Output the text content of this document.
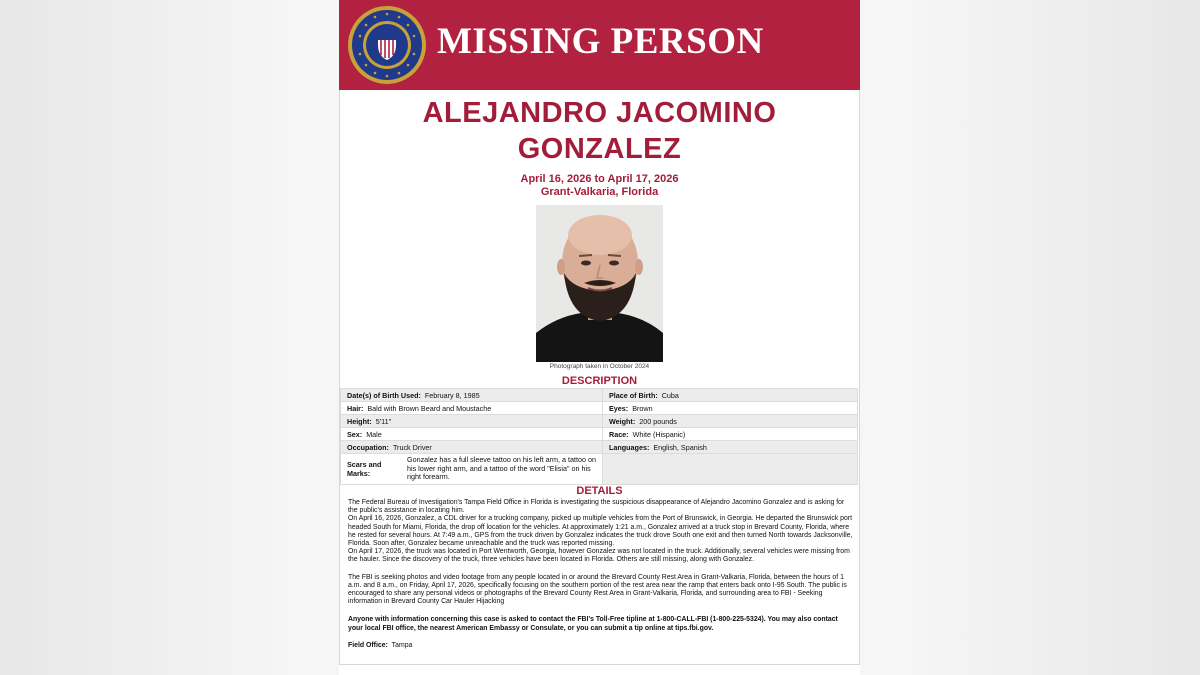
MISSING PERSON
ALEJANDRO JACOMINO
GONZALEZ
April 16, 2026 to April 17, 2026
Grant-Valkaria, Florida
Photograph taken in October 2024
DESCRIPTION
Date(s) of Birth Used: February 8, 1985	Place of Birth: Cuba
Hair: Bald with Brown Beard and Moustache	Eyes: Brown
Height: 5'11"	Weight: 200 pounds
Sex: Male	Race: White (Hispanic)
Occupation: Truck Driver	Languages: English, Spanish

Scars and Marks:	Gonzalez has a full sleeve tattoo on his left arm, a tattoo on his lower right arm, and a tattoo of the word "Elisia" on his right forearm.

DETAILS

The Federal Bureau of Investigation's Tampa Field Office in Florida is investigating the suspicious disappearance of Alejandro Jacomino Gonzalez and is asking for the public's assistance in locating him.

On April 16, 2026, Gonzalez, a CDL driver for a trucking company, picked up multiple vehicles from the Port of Brunswick, in Georgia. He departed the Brunswick port headed South for Miami, Florida, the drop off location for the vehicles. At approximately 1:21 a.m., Gonzalez arrived at a truck stop in Brevard County, Florida, where he rested for several hours. At 7:49 a.m., GPS from the truck driven by Gonzalez indicates the truck drove South one exit and then turned North towards Jacksonville, Florida. Soon after, Gonzalez became unreachable and the truck was reported missing.

On April 17, 2026, the truck was located in Port Wentworth, Georgia, however Gonzalez was not located in the truck. Additionally, several vehicles were missing from the hauler. Since the discovery of the truck, three vehicles have been located in Florida. Others are still missing, along with Gonzalez.

The FBI is seeking photos and video footage from any people located in or around the Brevard County Rest Area in Grant-Valkaria, Florida, between the hours of 1 a.m. and 8 a.m., on Friday, April 17, 2026, specifically focusing on the southern portion of the rest area near the ramp that enters back onto I-95 South. The public is encouraged to share any personal videos or photographs of the Brevard County Rest Area in Grant-Valkaria, Florida, and surrounding area to FBI - Seeking information in Brevard County Car Hauler Hijacking

Anyone with information concerning this case is asked to contact the FBI's Toll-Free tipline at 1-800-CALL-FBI (1-800-225-5324). You may also contact your local FBI office, the nearest American Embassy or Consulate, or you can submit a tip online at tips.fbi.gov.

Field Office: Tampa
